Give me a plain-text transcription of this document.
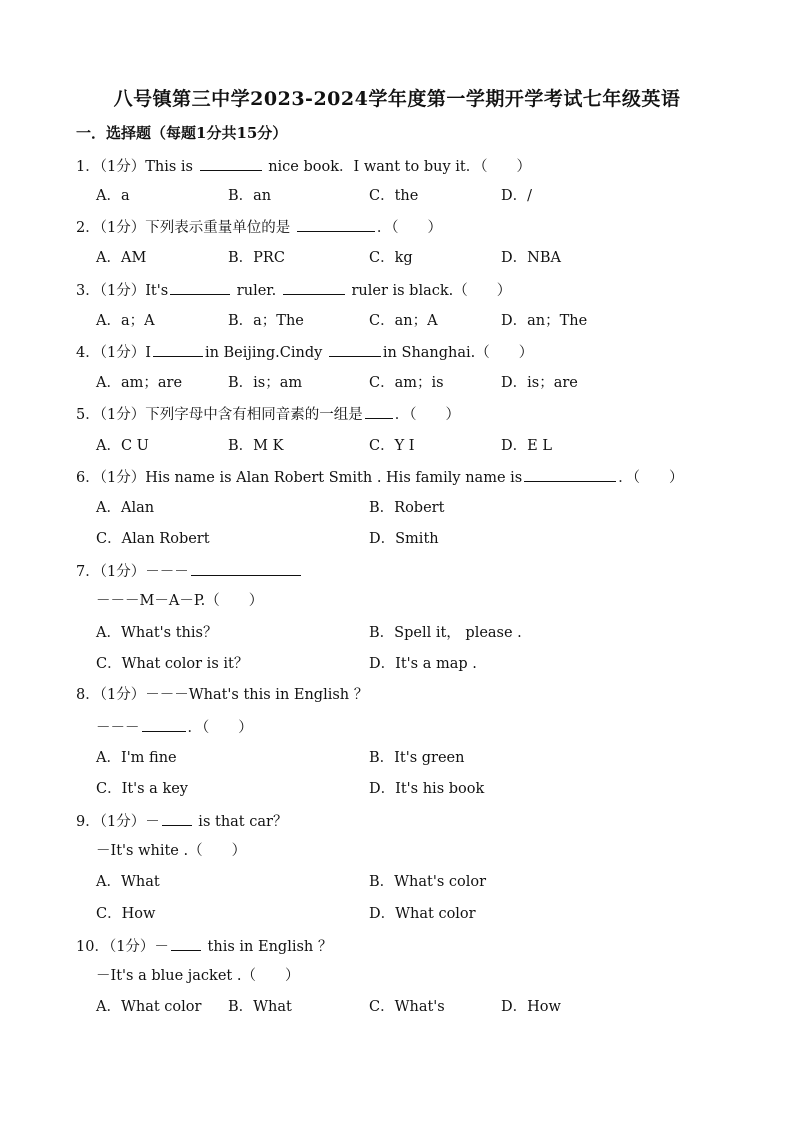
八号镇第三中学2023-2024学年度第一学期开学考试七年级英语
一．选择题（每题1分共15分）
1．（1分）This is	nice book．I want to buy it．（　　）
A．a	B．an	C．the	D．/
2．（1分）下列表示重量单位的是	．（　　）
A．AM	B．PRC	C．kg	D．NBA
3．（1分）It's	ruler.	ruler is black.（　　）
A．a；A	B．a；The	C．an；A	D．an；The
4．（1分）I	in Beijing.Cindy	in Shanghai.（　　）
A．am；are	B．is；am	C．am；is	D．is；are
5．（1分）下列字母中含有相同音素的一组是 ．（　　）
A．C U	B．M K	C．Y I	D．E L
6．（1分）His name is Alan Robert Smith . His family name is	．（　　）
A．Alan	B．Robert
C．Alan Robert	D．Smith
7．（1分）－－－
－－－M－A－P.（　　）
A．What's this？	B．Spell it， please .
C．What color is it？	D．It's a map .
8．（1分）－－－What's this in English ？
－－－	．（　　）
A．I'm fine	B．It's green
C．It's a key	D．It's his book
9．（1分）－ is that car？
－It's white .（　　）
A．What	B．What's color
C．How	D．What color
10．（1分）－ this in English ？
－It's a blue jacket .（　　）
A．What color B．What	C．What's	D．How
